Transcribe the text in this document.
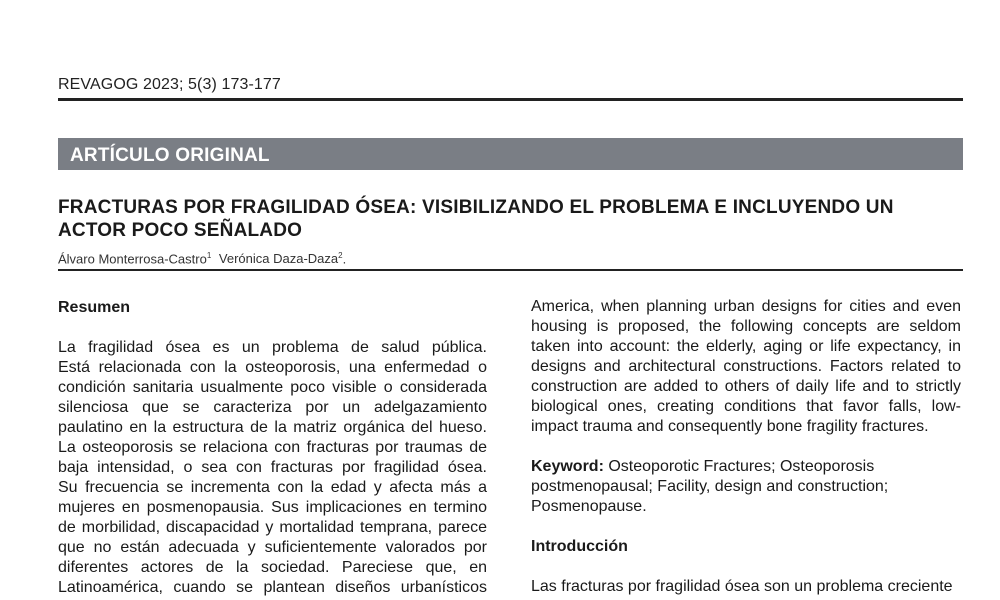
REVAGOG 2023; 5(3) 173-177
ARTÍCULO ORIGINAL
FRACTURAS POR FRAGILIDAD ÓSEA: VISIBILIZANDO EL PROBLEMA E INCLUYENDO UN ACTOR POCO SEÑALADO
Álvaro Monterrosa-Castro$^1$ Verónica Daza-Daza$^2$.
Resumen
La fragilidad ósea es un problema de salud pública.
Está relacionada con la osteoporosis, una enfermedad o
condición sanitaria usualmente poco visible o considerada
silenciosa que se caracteriza por un adelgazamiento
paulatino en la estructura de la matriz orgánica del hueso.
La osteoporosis se relaciona con fracturas por traumas de
baja intensidad, o sea con fracturas por fragilidad ósea.
Su frecuencia se incrementa con la edad y afecta más a
mujeres en posmenopausia. Sus implicaciones en termino
de morbilidad, discapacidad y mortalidad temprana, parece
que no están adecuada y suficientemente valorados por
diferentes actores de la sociedad. Pareciese que, en
Latinoamérica, cuando se plantean diseños urbanísticos
America, when planning urban designs for cities and even
housing is proposed, the following concepts are seldom
taken into account: the elderly, aging or life expectancy, in
designs and architectural constructions. Factors related to
construction are added to others of daily life and to strictly
biological ones, creating conditions that favor falls, low-
impact trauma and consequently bone fragility fractures.
Keyword: Osteoporotic Fractures; Osteoporosis
postmenopausal; Facility, design and construction;
Posmenopause.
Introducción
Las fracturas por fragilidad ósea son un problema creciente
